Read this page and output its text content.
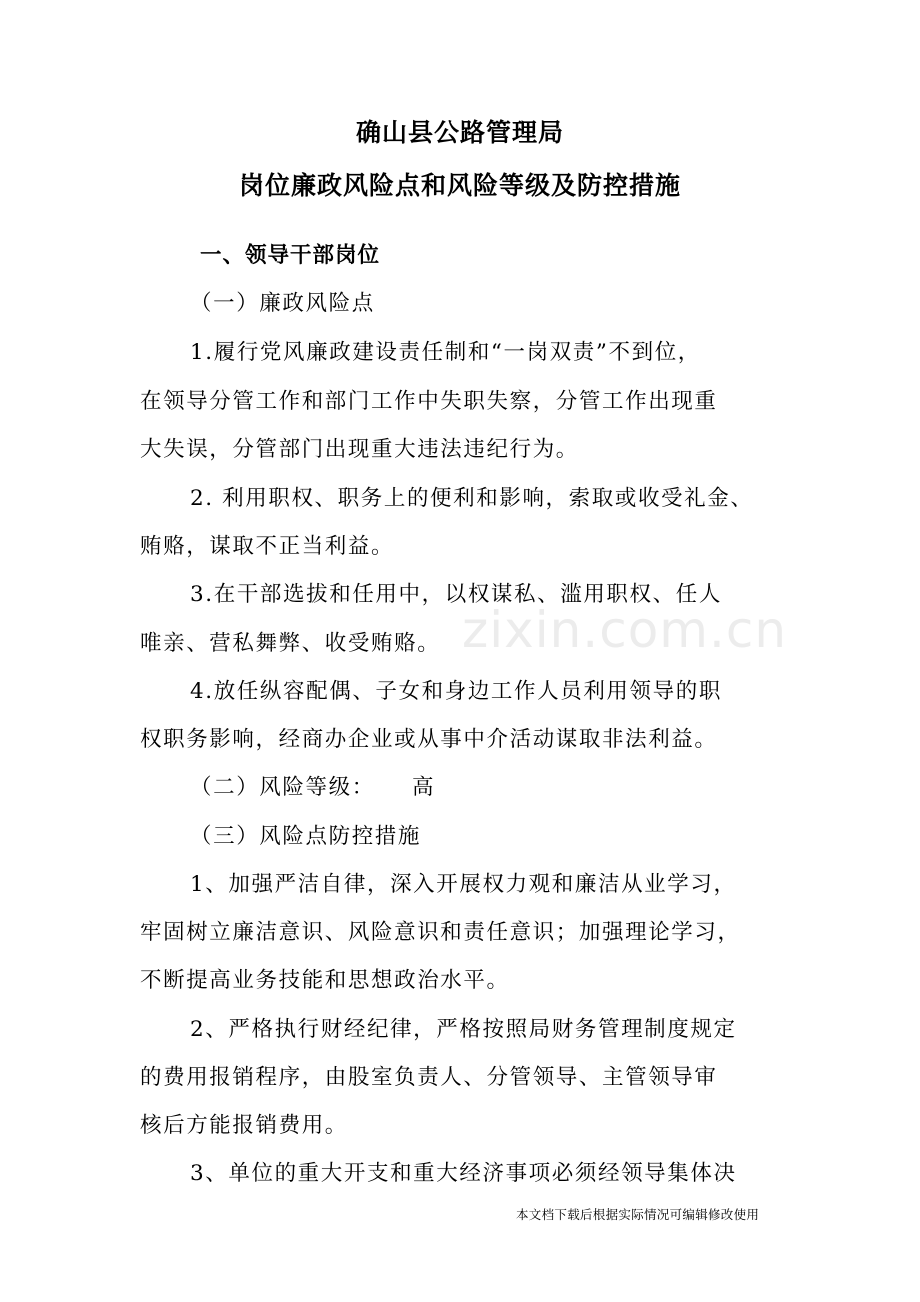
zixin.com.cn
确山县公路管理局
岗位廉政风险点和风险等级及防控措施
一、领导干部岗位
（一）廉政风险点
1.履行党风廉政建设责任制和“一岗双责”不到位，
在领导分管工作和部门工作中失职失察，分管工作出现重
大失误，分管部门出现重大违法违纪行为。
2. 利用职权、职务上的便利和影响，索取或收受礼金、
贿赂，谋取不正当利益。
3.在干部选拔和任用中，以权谋私、滥用职权、任人
唯亲、营私舞弊、收受贿赂。
4.放任纵容配偶、子女和身边工作人员利用领导的职
权职务影响，经商办企业或从事中介活动谋取非法利益。
（二）风险等级： 高
（三）风险点防控措施
1、加强严洁自律，深入开展权力观和廉洁从业学习，
牢固树立廉洁意识、风险意识和责任意识；加强理论学习，
不断提高业务技能和思想政治水平。
2、严格执行财经纪律，严格按照局财务管理制度规定
的费用报销程序，由股室负责人、分管领导、主管领导审
核后方能报销费用。
3、单位的重大开支和重大经济事项必须经领导集体决
本文档下载后根据实际情况可编辑修改使用
